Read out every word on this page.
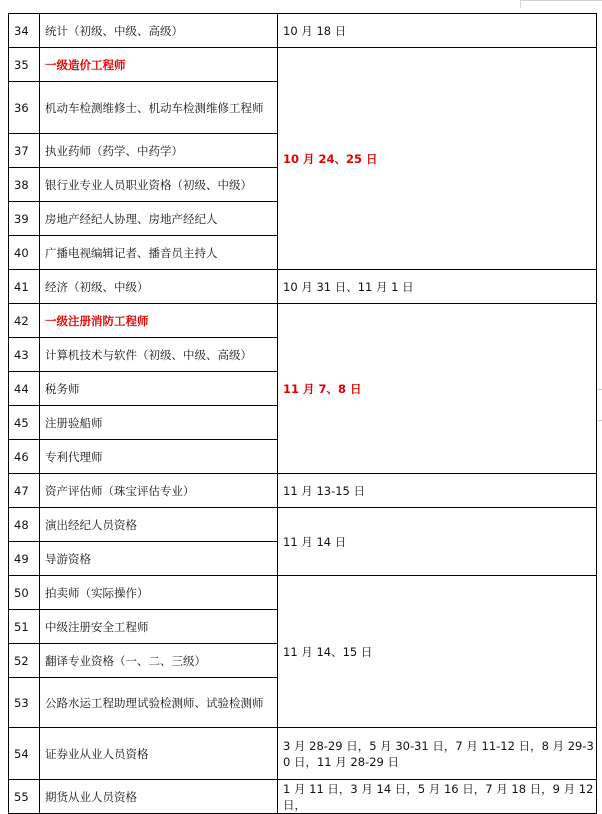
34	统计（初级、中级、高级）	10 月 18 日
35	一级造价工程师	10 月 24、25 日
36	机动车检测维修士、机动车检测维修工程师	
37	执业药师（药学、中药学）	
38	银行业专业人员职业资格（初级、中级）	
39	房地产经纪人协理、房地产经纪人	
40	广播电视编辑记者、播音员主持人	
41	经济（初级、中级）	10 月 31 日、11 月 1 日
42	一级注册消防工程师	11 月 7、8 日
43	计算机技术与软件（初级、中级、高级）	
44	税务师	
45	注册验船师	
46	专利代理师	
47	资产评估师（珠宝评估专业）	11 月 13-15 日
48	演出经纪人员资格	11 月 14 日
49	导游资格	
50	拍卖师（实际操作）	11 月 14、15 日
51	中级注册安全工程师	
52	翻译专业资格（一、二、三级）	
53	公路水运工程助理试验检测师、试验检测师	
54	证券业从业人员资格	3 月 28-29 日，5 月 30-31 日，7 月 11-12 日，8 月 29-30 日，11 月 28-29 日
55	期货从业人员资格	1 月 11 日，3 月 14 日，5 月 16 日，7 月 18 日，9 月 12 日，
